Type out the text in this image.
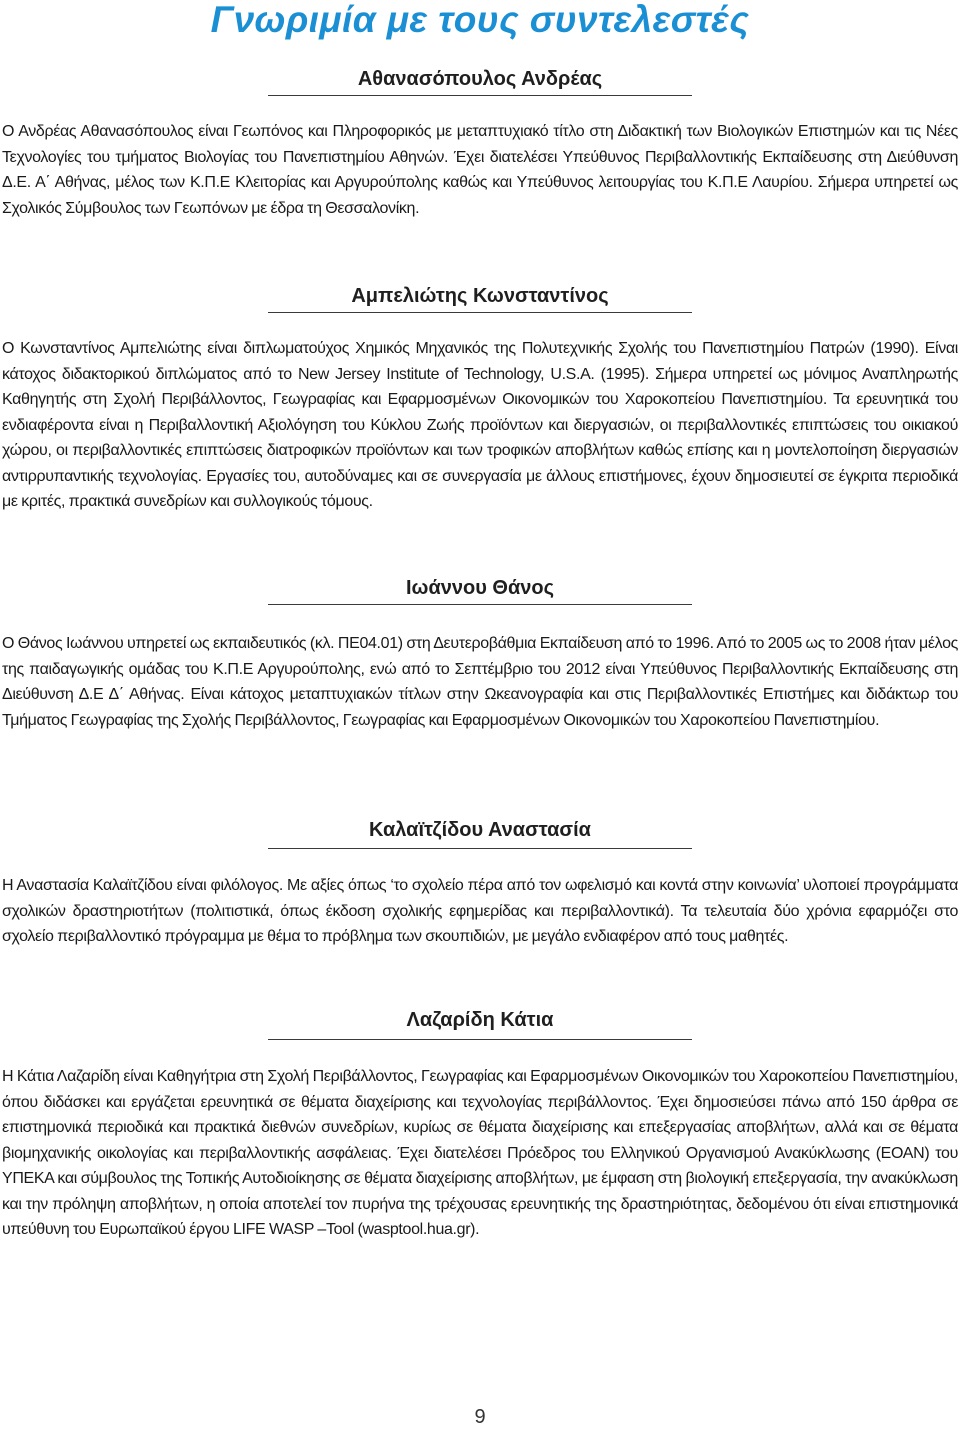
Γνωριμία με τους συντελεστές
Αθανασόπουλος Ανδρέας
Ο Ανδρέας Αθανασόπουλος είναι Γεωπόνος και Πληροφορικός με μεταπτυχιακό τίτλο στη Διδακτική των Βιολογικών Επιστημών και τις Νέες Τεχνολογίες του τμήματος Βιολογίας του Πανεπιστημίου Αθηνών. Έχει διατελέσει Υπεύθυνος Περιβαλλοντικής Εκπαίδευσης στη Διεύθυνση Δ.Ε. Α΄ Αθήνας, μέλος των Κ.Π.Ε Κλειτορίας και Αργυρούπολης καθώς και Υπεύθυνος λειτουργίας του Κ.Π.Ε Λαυρίου. Σήμερα υπηρετεί ως Σχολικός Σύμβουλος των Γεωπόνων με έδρα τη Θεσσαλονίκη.
Αμπελιώτης Κωνσταντίνος
Ο Κωνσταντίνος Αμπελιώτης είναι διπλωματούχος Χημικός Μηχανικός της Πολυτεχνικής Σχολής του Πανεπιστημίου Πατρών (1990). Είναι κάτοχος διδακτορικού διπλώματος από το New Jersey Institute of Technology, U.S.A. (1995). Σήμερα υπηρετεί ως μόνιμος Αναπληρωτής Καθηγητής στη Σχολή Περιβάλλοντος, Γεωγραφίας και Εφαρμοσμένων Οικονομικών του Χαροκοπείου Πανεπιστημίου. Τα ερευνητικά του ενδιαφέροντα είναι η Περιβαλλοντική Αξιολόγηση του Κύκλου Ζωής προϊόντων και διεργασιών, οι περιβαλλοντικές επιπτώσεις του οικιακού χώρου, οι περιβαλλοντικές επιπτώσεις διατροφικών προϊόντων και των τροφικών αποβλήτων καθώς επίσης και η μοντελοποίηση διεργασιών αντιρρυπαντικής τεχνολογίας. Εργασίες του, αυτοδύναμες και σε συνεργασία με άλλους επιστήμονες, έχουν δημοσιευτεί σε έγκριτα περιοδικά με κριτές, πρακτικά συνεδρίων και συλλογικούς τόμους.
Ιωάννου Θάνος
Ο Θάνος Ιωάννου υπηρετεί ως εκπαιδευτικός (κλ. ΠΕ04.01) στη Δευτεροβάθμια Εκπαίδευση από το 1996. Από το 2005 ως το 2008 ήταν μέλος της παιδαγωγικής ομάδας του Κ.Π.Ε Αργυρούπολης, ενώ από το Σεπτέμβριο του 2012 είναι Υπεύθυνος Περιβαλλοντικής Εκπαίδευσης στη Διεύθυνση Δ.Ε Δ΄ Αθήνας. Είναι κάτοχος μεταπτυχιακών τίτλων στην Ωκεανογραφία και στις Περιβαλλοντικές Επιστήμες και διδάκτωρ του Τμήματος Γεωγραφίας της Σχολής Περιβάλλοντος, Γεωγραφίας και Εφαρμοσμένων Οικονομικών του Χαροκοπείου Πανεπιστημίου.
Καλαϊτζίδου Αναστασία
Η Αναστασία Καλαϊτζίδου είναι φιλόλογος. Με αξίες όπως ‘το σχολείο πέρα από τον ωφελισμό και κοντά στην κοινωνία’ υλοποιεί προγράμματα σχολικών δραστηριοτήτων (πολιτιστικά, όπως έκδοση σχολικής εφημερίδας και περιβαλλοντικά). Τα τελευταία δύο χρόνια εφαρμόζει στο σχολείο περιβαλλοντικό πρόγραμμα με θέμα το πρόβλημα των σκουπιδιών, με μεγάλο ενδιαφέρον από τους μαθητές.
Λαζαρίδη Κάτια
Η Κάτια Λαζαρίδη είναι Καθηγήτρια στη Σχολή Περιβάλλοντος, Γεωγραφίας και Εφαρμοσμένων Οικονομικών του Χαροκοπείου Πανεπιστημίου, όπου διδάσκει και εργάζεται ερευνητικά σε θέματα διαχείρισης και τεχνολογίας περιβάλλοντος. Έχει δημοσιεύσει πάνω από 150 άρθρα σε επιστημονικά περιοδικά και πρακτικά διεθνών συνεδρίων, κυρίως σε θέματα διαχείρισης και επεξεργασίας αποβλήτων, αλλά και σε θέματα βιομηχανικής οικολογίας και περιβαλλοντικής ασφάλειας. Έχει διατελέσει Πρόεδρος του Ελληνικού Οργανισμού Ανακύκλωσης (ΕΟΑΝ) του ΥΠΕΚΑ και σύμβουλος της Τοπικής Αυτοδιοίκησης σε θέματα διαχείρισης αποβλήτων, με έμφαση στη βιολογική επεξεργασία, την ανακύκλωση και την πρόληψη αποβλήτων, η οποία αποτελεί τον πυρήνα της τρέχουσας ερευνητικής της δραστηριότητας, δεδομένου ότι είναι επιστημονικά υπεύθυνη του Ευρωπαϊκού έργου LIFE WASP –Tool (wasptool.hua.gr).
9
